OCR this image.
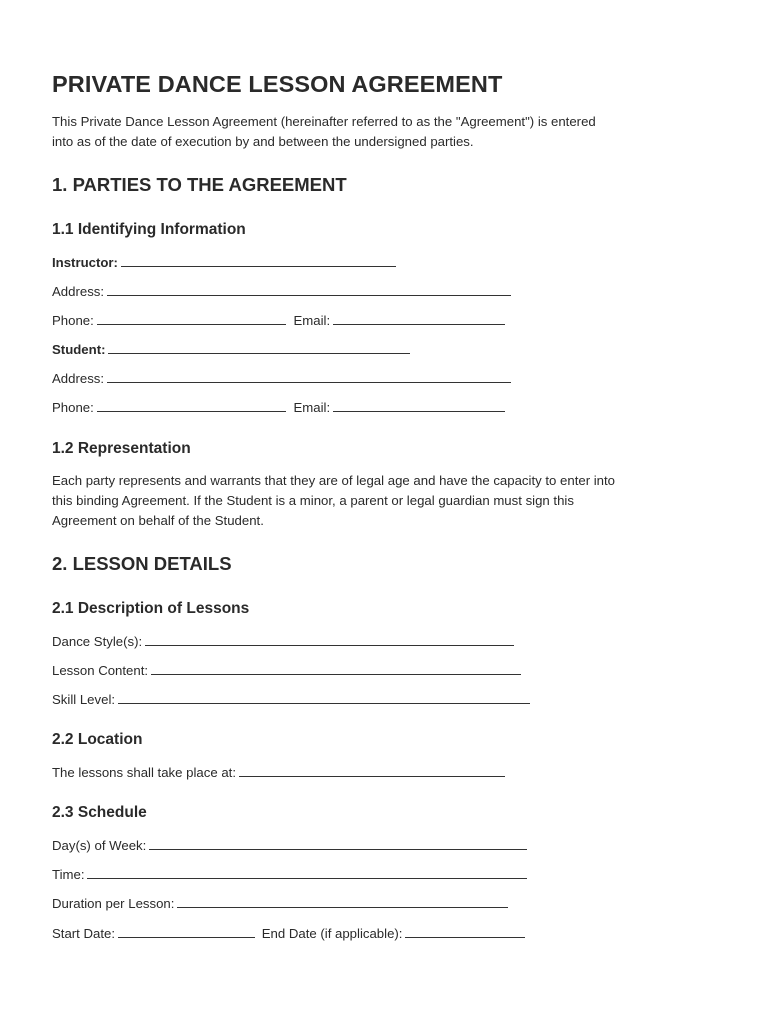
PRIVATE DANCE LESSON AGREEMENT
This Private Dance Lesson Agreement (hereinafter referred to as the "Agreement") is entered
into as of the date of execution by and between the undersigned parties.
1. PARTIES TO THE AGREEMENT
1.1 Identifying Information
Instructor:
Address:
Phone:	Email:
Student:
Address:
Phone:	Email:
1.2 Representation
Each party represents and warrants that they are of legal age and have the capacity to enter into
this binding Agreement. If the Student is a minor, a parent or legal guardian must sign this
Agreement on behalf of the Student.
2. LESSON DETAILS
2.1 Description of Lessons
Dance Style(s):
Lesson Content:
Skill Level:
2.2 Location
The lessons shall take place at:
2.3 Schedule
Day(s) of Week:
Time:
Duration per Lesson:
Start Date:	End Date (if applicable):
